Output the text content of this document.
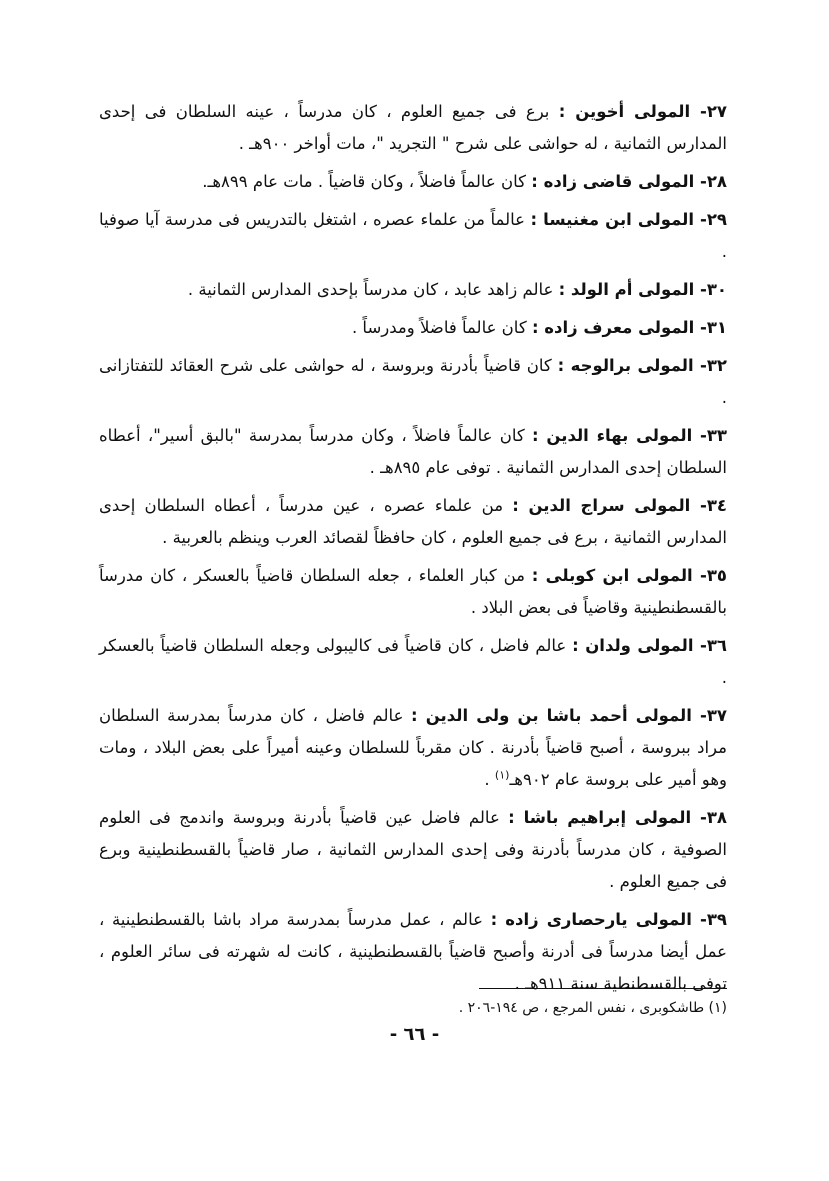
٢٧- المولى أخوين : برع فى جميع العلوم ، كان مدرساً ، عينه السلطان فى إحدى المدارس الثمانية ، له حواشى على شرح " التجريد "، مات أواخر ٩٠٠هـ .

٢٨- المولى قاضى زاده : كان عالماً فاضلاً ، وكان قاضياً . مات عام ٨٩٩هـ.

٢٩- المولى ابن مغنيسا : عالماً من علماء عصره ، اشتغل بالتدريس فى مدرسة آيا صوفيا .

٣٠- المولى أم الولد : عالم زاهد عابد ، كان مدرساً بإحدى المدارس الثمانية .

٣١- المولى معرف زاده : كان عالماً فاضلاً ومدرساً .

٣٢- المولى برالوجه : كان قاضياً بأدرنة وبروسة ، له حواشى على شرح العقائد للتفتازانى .

٣٣- المولى بهاء الدين : كان عالماً فاضلاً ، وكان مدرساً بمدرسة "بالبق أسير"، أعطاه السلطان إحدى المدارس الثمانية . توفى عام ٨٩٥هـ .

٣٤- المولى سراج الدين : من علماء عصره ، عين مدرساً ، أعطاه السلطان إحدى المدارس الثمانية ، برع فى جميع العلوم ، كان حافظاً لقصائد العرب وينظم بالعربية .

٣٥- المولى ابن كوبلى : من كبار العلماء ، جعله السلطان قاضياً بالعسكر ، كان مدرساً بالقسطنطينية وقاضياً فى بعض البلاد .

٣٦- المولى ولدان : عالم فاضل ، كان قاضياً فى كاليبولى وجعله السلطان قاضياً بالعسكر .

٣٧- المولى أحمد باشا بن ولى الدين : عالم فاضل ، كان مدرساً بمدرسة السلطان مراد ببروسة ، أصبح قاضياً بأدرنة . كان مقرباً للسلطان وعينه أميراً على بعض البلاد ، ومات وهو أمير على بروسة عام ٩٠٢هـ$^{(١)}$ .

٣٨- المولى إبراهيم باشا : عالم فاضل عين قاضياً بأدرنة وبروسة واندمج فى العلوم الصوفية ، كان مدرساً بأدرنة وفى إحدى المدارس الثمانية ، صار قاضياً بالقسطنطينية وبرع فى جميع العلوم .

٣٩- المولى يارحصارى زاده : عالم ، عمل مدرساً بمدرسة مراد باشا بالقسطنطينية ، عمل أيضا مدرساً فى أدرنة وأصبح قاضياً بالقسطنطينية ، كانت له شهرته فى سائر العلوم ، توفى بالقسطنطية سنة ٩١١هـ .

(١) طاشكوبرى ، نفس المرجع ، ص ١٩٤-٢٠٦ .
- ٦٦ -
